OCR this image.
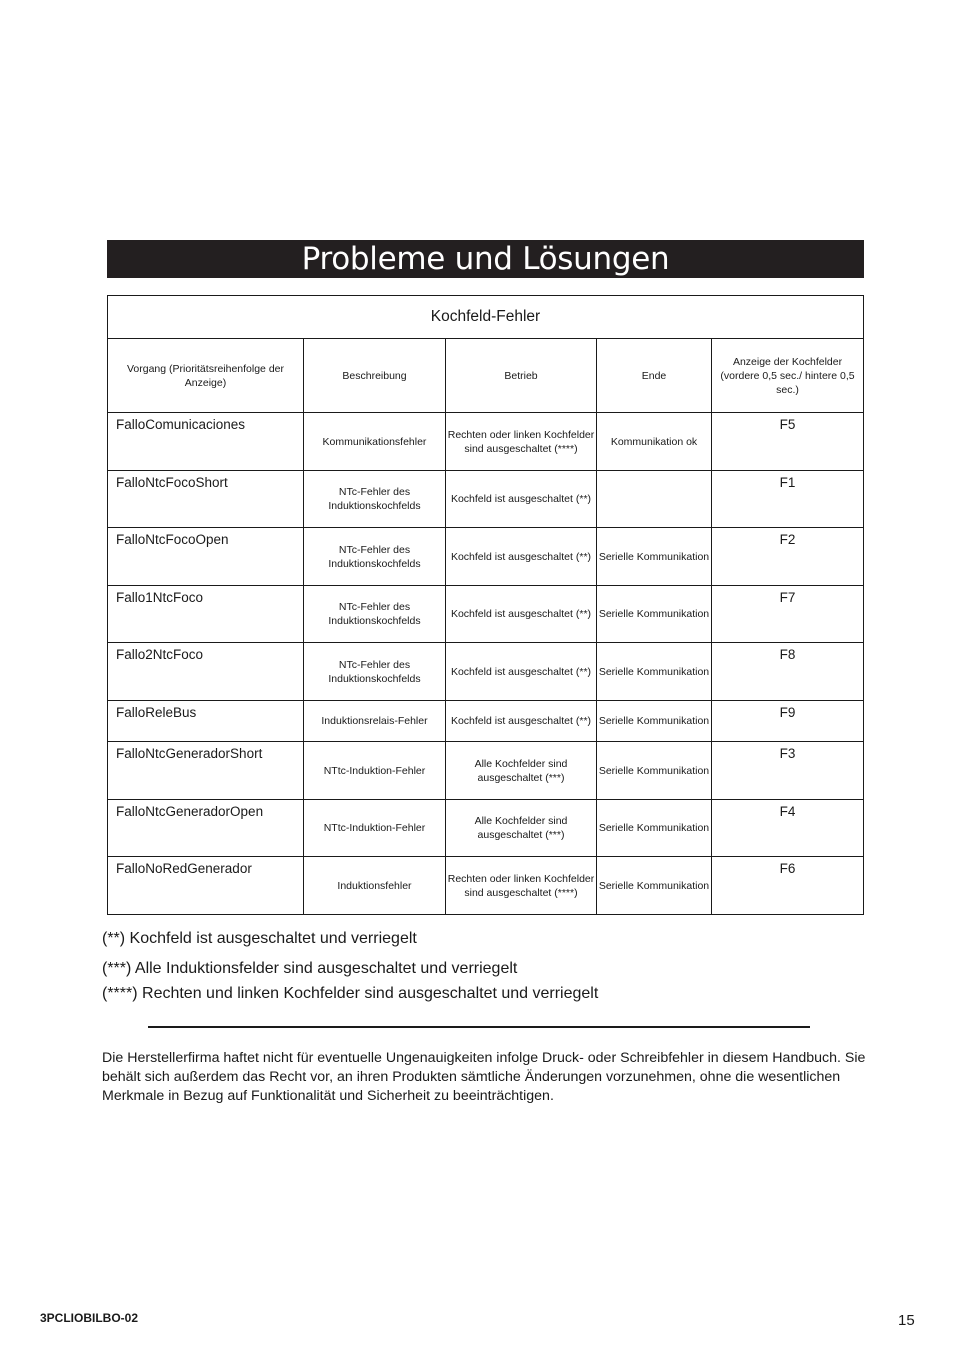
Probleme und Lösungen
Kochfeld-Fehler				
Vorgang (Prioritätsreihenfolge der Anzeige)	Beschreibung	Betrieb	Ende	Anzeige der Kochfelder (vordere 0,5 sec./ hintere 0,5 sec.)
FalloComunicaciones	Kommunikationsfehler	Rechten oder linken Kochfelder sind ausgeschaltet (****)	Kommunikation ok	F5
FalloNtcFocoShort	NTc-Fehler des Induktionskochfelds	Kochfeld ist ausgeschaltet (**)		F1
FalloNtcFocoOpen	NTc-Fehler des Induktionskochfelds	Kochfeld ist ausgeschaltet (**)	Serielle Kommunikation	F2
Fallo1NtcFoco	NTc-Fehler des Induktionskochfelds	Kochfeld ist ausgeschaltet (**)	Serielle Kommunikation	F7
Fallo2NtcFoco	NTc-Fehler des Induktionskochfelds	Kochfeld ist ausgeschaltet (**)	Serielle Kommunikation	F8
FalloReleBus	Induktionsrelais-Fehler	Kochfeld ist ausgeschaltet (**)	Serielle Kommunikation	F9
FalloNtcGeneradorShort	NTtc-Induktion-Fehler	Alle Kochfelder sind ausgeschaltet (***)	Serielle Kommunikation	F3
FalloNtcGeneradorOpen	NTtc-Induktion-Fehler	Alle Kochfelder sind ausgeschaltet (***)	Serielle Kommunikation	F4
FalloNoRedGenerador	Induktionsfehler	Rechten oder linken Kochfelder sind ausgeschaltet (****)	Serielle Kommunikation	F6
(**) Kochfeld ist ausgeschaltet und verriegelt
(***) Alle Induktionsfelder sind ausgeschaltet und verriegelt
(****) Rechten und linken Kochfelder sind ausgeschaltet und verriegelt
Die Herstellerfirma haftet nicht für eventuelle Ungenauigkeiten infolge Druck- oder Schreibfehler in diesem Handbuch. Sie behält sich außerdem das Recht vor, an ihren Produkten sämtliche Änderungen vorzunehmen, ohne die wesentlichen Merkmale in Bezug auf Funktionalität und Sicherheit zu beeinträchtigen.
3PCLIOBILBO-02	15
